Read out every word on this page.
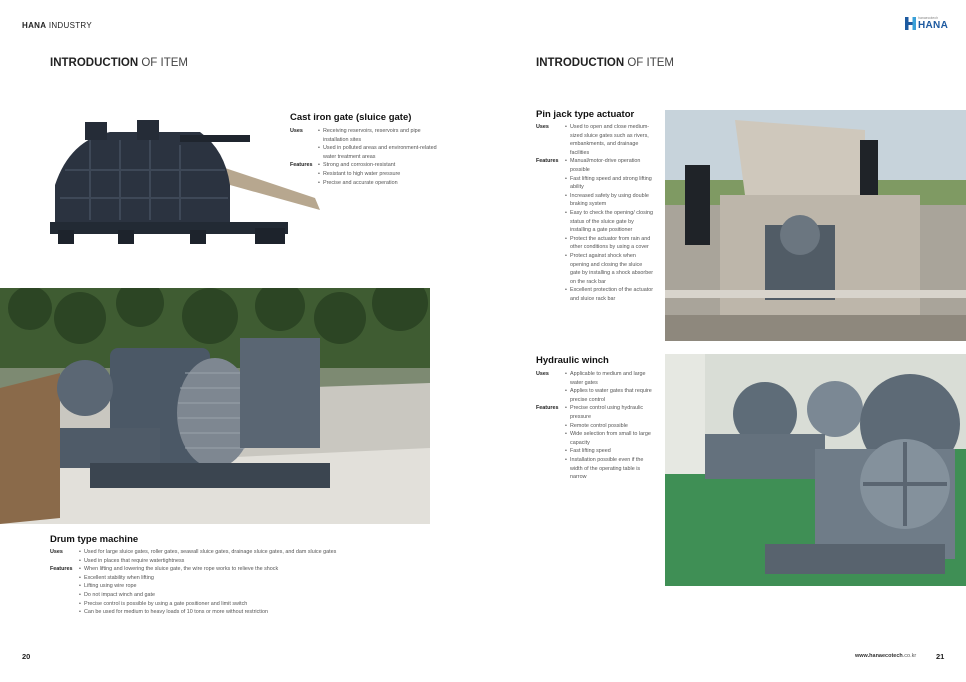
HANA INDUSTRY
hanaecotech
HANA
INTRODUCTION OF ITEM
Cast iron gate (sluice gate)
Uses	• Receiving reservoirs, reservoirs and pipe installation sites
• Used in polluted areas and environment-related water treatment areas
Features	• Strong and corrosion-resistant
• Resistant to high water pressure
• Precise and accurate operation
Drum type machine
Uses	• Used for large sluice gates, roller gates, seawall sluice gates, drainage sluice gates, and dam sluice gates
• Used in places that require watertightness
Features	• When lifting and lowering the sluice gate, the wire rope works to relieve the shock
• Excellent stability when lifting
• Lifting using wire rope
• Do not impact winch and gate
• Precise control is possible by using a gate positioner and limit switch
• Can be used for medium to heavy loads of 10 tons or more without restriction
20
INTRODUCTION OF ITEM
Pin jack type actuator
Uses	• Used to open and close medium-sized sluice gates such as rivers, embankments, and drainage facilities
Features	• Manual/motor-drive operation possible
• Fast lifting speed and strong lifting ability
• Increased safety by using double braking system
• Easy to check the opening/ closing status of the sluice gate by installing a gate positioner
• Protect the actuator from rain and other conditions by using a cover
• Protect against shock when opening and closing the sluice gate by installing a shock absorber on the rack bar
• Excellent protection of the actuator and sluice rack bar
Hydraulic winch
Uses	• Applicable to medium and large water gates
• Applies to water gates that require precise control
Features	• Precise control using hydraulic pressure
• Remote control possible
• Wide selection from small to large capacity
• Fast lifting speed
• Installation possible even if the width of the operating table is narrow
www.hanaecotech.co.kr	21
